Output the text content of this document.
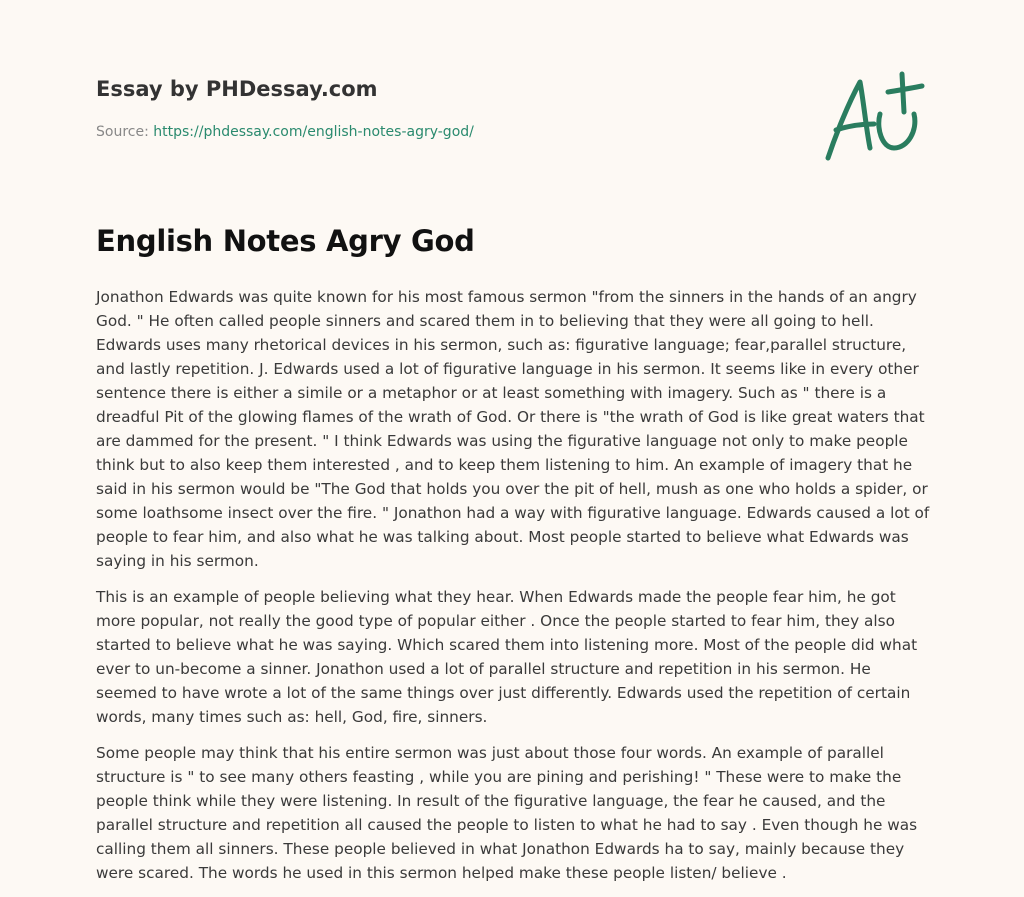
Essay by PHDessay.com
Source: https://phdessay.com/english-notes-agry-god/
English Notes Agry God

Jonathon Edwards was quite known for his most famous sermon "from the sinners in the hands of an angry God. " He often called people sinners and scared them in to believing that they were all going to hell. Edwards uses many rhetorical devices in his sermon, such as: figurative language; fear,parallel structure, and lastly repetition. J. Edwards used a lot of figurative language in his sermon. It seems like in every other sentence there is either a simile or a metaphor or at least something with imagery. Such as " there is a dreadful Pit of the glowing flames of the wrath of God. Or there is "the wrath of God is like great waters that are dammed for the present. " I think Edwards was using the figurative language not only to make people think but to also keep them interested , and to keep them listening to him. An example of imagery that he said in his sermon would be "The God that holds you over the pit of hell, mush as one who holds a spider, or some loathsome insect over the fire. " Jonathon had a way with figurative language. Edwards caused a lot of people to fear him, and also what he was talking about. Most people started to believe what Edwards was saying in his sermon.

This is an example of people believing what they hear. When Edwards made the people fear him, he got more popular, not really the good type of popular either . Once the people started to fear him, they also started to believe what he was saying. Which scared them into listening more. Most of the people did what ever to un-become a sinner. Jonathon used a lot of parallel structure and repetition in his sermon. He seemed to have wrote a lot of the same things over just differently. Edwards used the repetition of certain words, many times such as: hell, God, fire, sinners.

Some people may think that his entire sermon was just about those four words. An example of parallel structure is " to see many others feasting , while you are pining and perishing! " These were to make the people think while they were listening. In result of the figurative language, the fear he caused, and the parallel structure and repetition all caused the people to listen to what he had to say . Even though he was calling them all sinners. These people believed in what Jonathon Edwards ha to say, mainly because they were scared. The words he used in this sermon helped make these people listen/ believe .
